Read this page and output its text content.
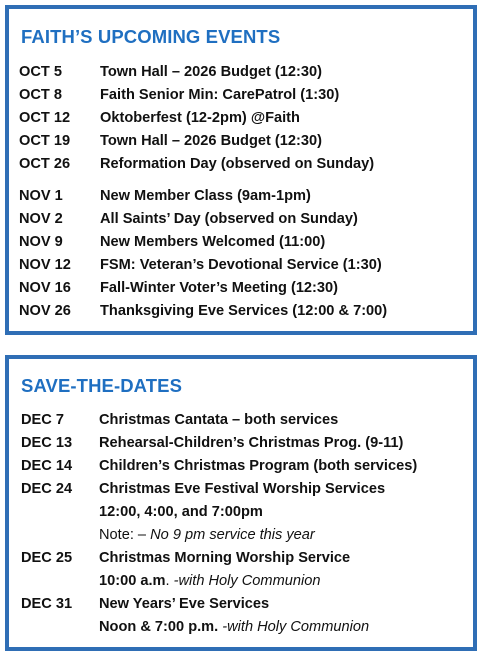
FAITH’S UPCOMING EVENTS
OCT 5	Town Hall – 2026 Budget (12:30)
OCT 8	Faith Senior Min: CarePatrol (1:30)
OCT 12 Oktoberfest (12-2pm) @Faith
OCT 19 Town Hall – 2026 Budget (12:30)
OCT 26 Reformation Day (observed on Sunday)
NOV 1	New Member Class (9am-1pm)
NOV 2	All Saints’ Day (observed on Sunday)
NOV 9	New Members Welcomed (11:00)
NOV 12 FSM: Veteran’s Devotional Service (1:30)
NOV 16 Fall-Winter Voter’s Meeting (12:30)
NOV 26 Thanksgiving Eve Services (12:00 & 7:00)
SAVE-THE-DATES
DEC 7 Christmas Cantata – both services
DEC 13 Rehearsal-Children’s Christmas Prog. (9-11)
DEC 14 Children’s Christmas Program (both services)
DEC 24 Christmas Eve Festival Worship Services
12:00, 4:00, and 7:00pm
Note: – No 9 pm service this year
DEC 25 Christmas Morning Worship Service
10:00 a.m. -with Holy Communion
DEC 31 New Years’ Eve Services
Noon & 7:00 p.m. -with Holy Communion
